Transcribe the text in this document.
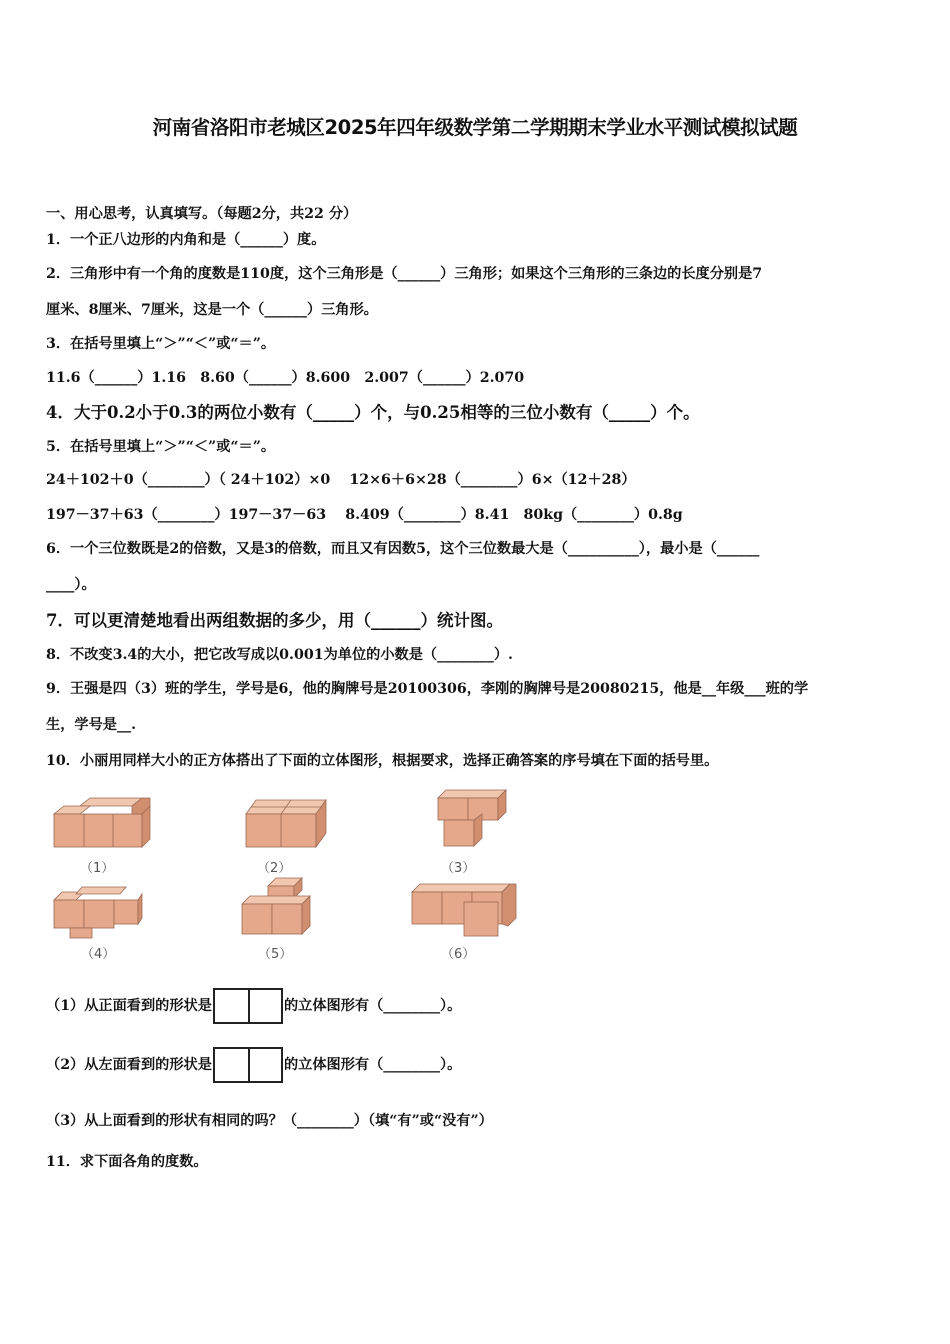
河南省洛阳市老城区2025年四年级数学第二学期期末学业水平测试模拟试题
一、用心思考，认真填写。（每题2分，共22 分）
1．一个正八边形的内角和是（______）度。
2．三角形中有一个角的度数是110度，这个三角形是（______）三角形；如果这个三角形的三条边的长度分别是7
厘米、8厘米、7厘米，这是一个（______）三角形。
3．在括号里填上“＞”“＜”或“＝”。
11.6（______）1.16　8.60（______）8.600　2.007（______）2.070
4．大于0.2小于0.3的两位小数有（_____）个，与0.25相等的三位小数有（_____）个。
5．在括号里填上“＞”“＜”或“＝”。
24＋102＋0（________）（ 24＋102）×0　 12×6＋6×28（________）6×（12＋28）
197－37＋63（________）197－37－63　 8.409（________）8.41　80kg（________）0.8g
6．一个三位数既是2的倍数，又是3的倍数，而且又有因数5，这个三位数最大是（__________），最小是（______
____）。
7．可以更清楚地看出两组数据的多少，用（______）统计图。
8．不改变3.4的大小，把它改写成以0.001为单位的小数是（________）.
9．王强是四（3）班的学生，学号是6，他的胸牌号是20100306，李刚的胸牌号是20080215，他是__年级___班的学
生，学号是__.
10．小丽用同样大小的正方体搭出了下面的立体图形，根据要求，选择正确答案的序号填在下面的括号里。
（1）	（2）	（3）
（4）	（5）	（6）
（1）从正面看到的形状是	的立体图形有（________）。
（2）从左面看到的形状是	的立体图形有（________）。
（3）从上面看到的形状有相同的吗？（________）（填“有”或“没有”）
11．求下面各角的度数。
